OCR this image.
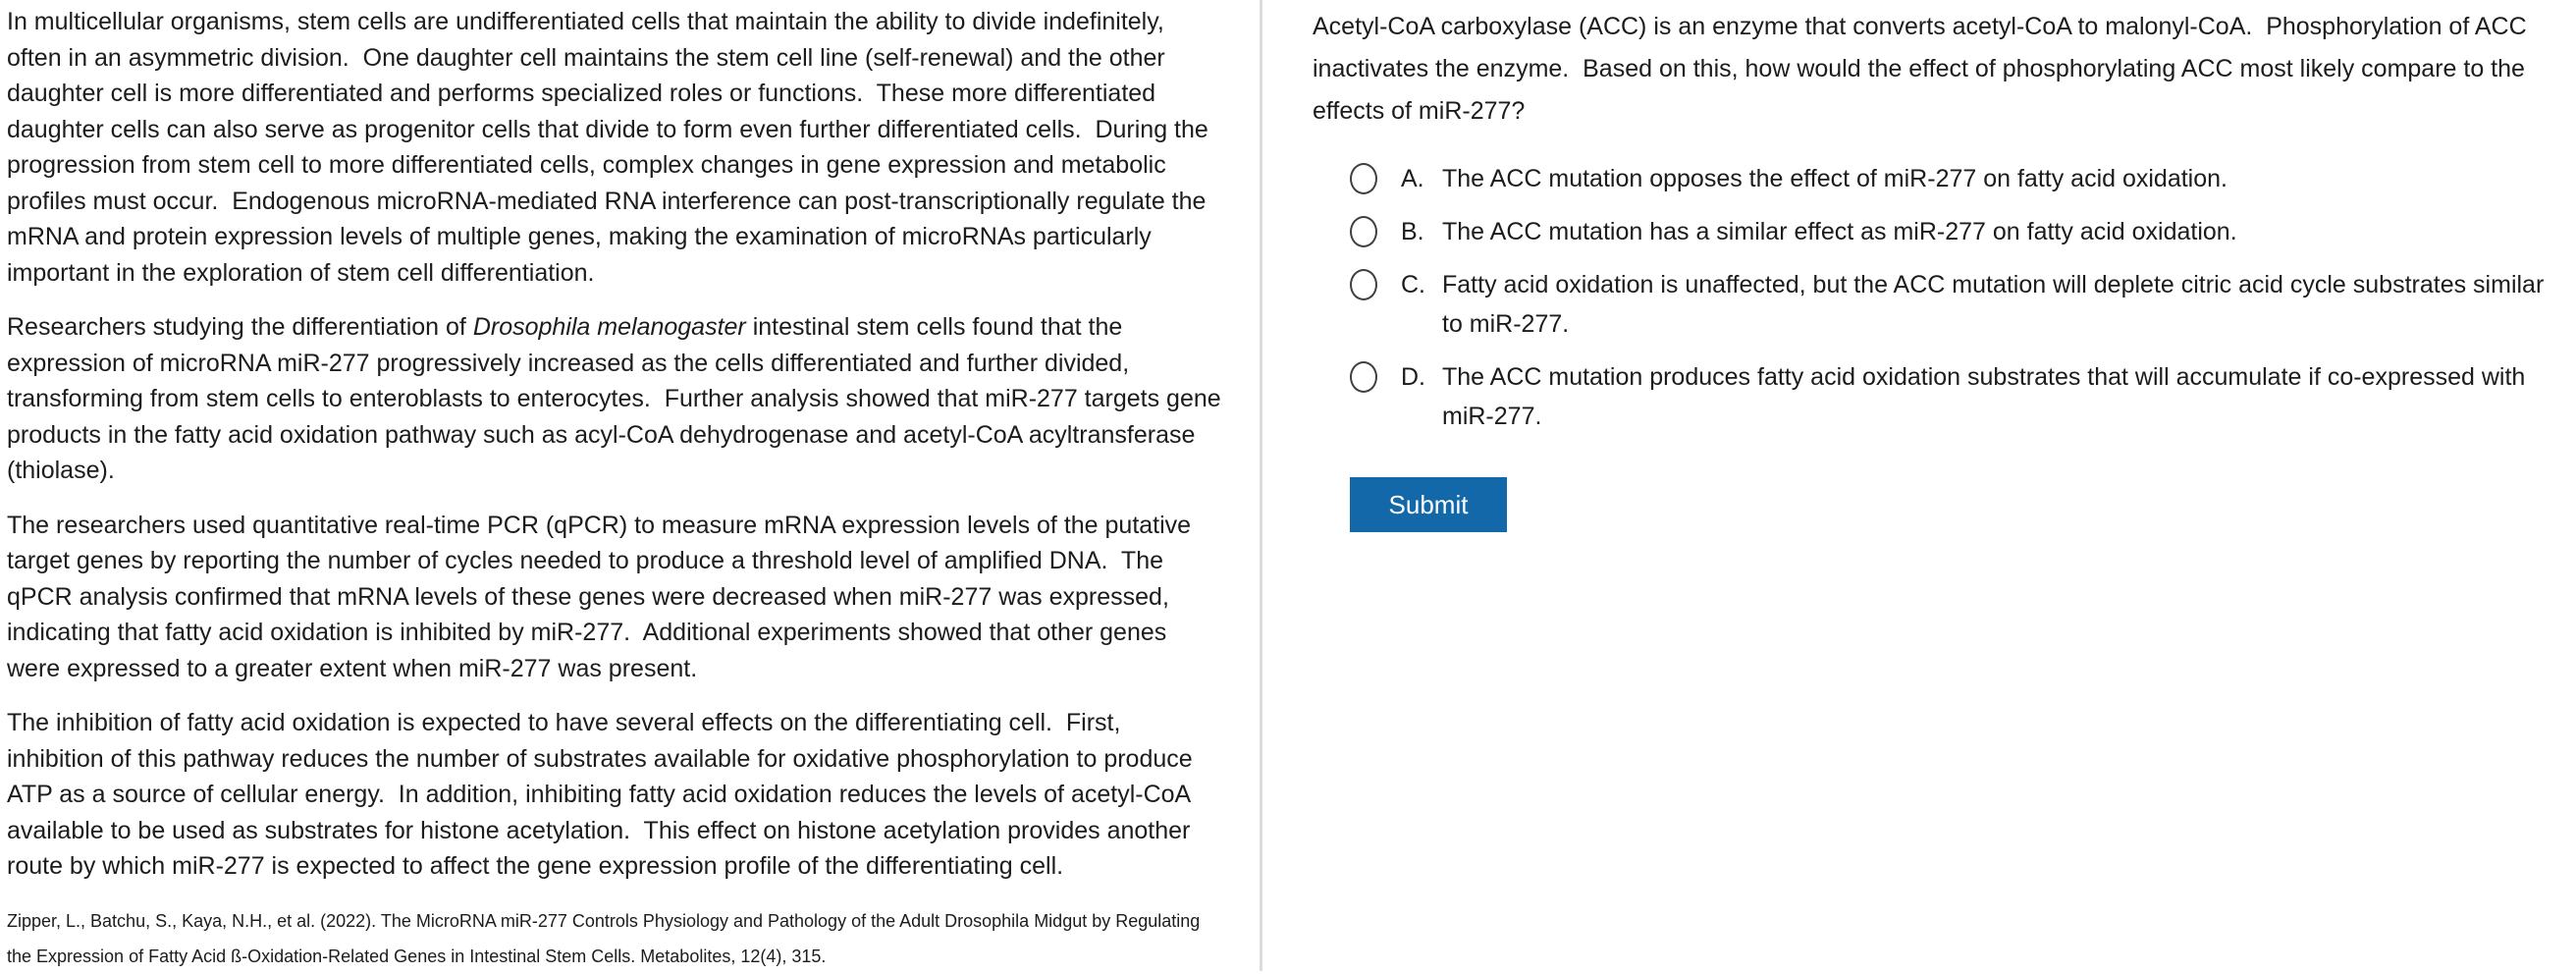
In multicellular organisms, stem cells are undifferentiated cells that maintain the ability to divide indefinitely, often in an asymmetric division.  One daughter cell maintains the stem cell line (self-renewal) and the other daughter cell is more differentiated and performs specialized roles or functions.  These more differentiated daughter cells can also serve as progenitor cells that divide to form even further differentiated cells.  During the progression from stem cell to more differentiated cells, complex changes in gene expression and metabolic profiles must occur.  Endogenous microRNA-mediated RNA interference can post-transcriptionally regulate the mRNA and protein expression levels of multiple genes, making the examination of microRNAs particularly important in the exploration of stem cell differentiation.

Researchers studying the differentiation of Drosophila melanogaster intestinal stem cells found that the expression of microRNA miR-277 progressively increased as the cells differentiated and further divided, transforming from stem cells to enteroblasts to enterocytes.  Further analysis showed that miR-277 targets gene products in the fatty acid oxidation pathway such as acyl-CoA dehydrogenase and acetyl-CoA acyltransferase (thiolase).

The researchers used quantitative real-time PCR (qPCR) to measure mRNA expression levels of the putative target genes by reporting the number of cycles needed to produce a threshold level of amplified DNA.  The qPCR analysis confirmed that mRNA levels of these genes were decreased when miR-277 was expressed, indicating that fatty acid oxidation is inhibited by miR-277.  Additional experiments showed that other genes were expressed to a greater extent when miR-277 was present.

The inhibition of fatty acid oxidation is expected to have several effects on the differentiating cell.  First, inhibition of this pathway reduces the number of substrates available for oxidative phosphorylation to produce ATP as a source of cellular energy.  In addition, inhibiting fatty acid oxidation reduces the levels of acetyl-CoA available to be used as substrates for histone acetylation.  This effect on histone acetylation provides another route by which miR-277 is expected to affect the gene expression profile of the differentiating cell.

Zipper, L., Batchu, S., Kaya, N.H., et al. (2022). The MicroRNA miR-277 Controls Physiology and Pathology of the Adult Drosophila Midgut by Regulating the Expression of Fatty Acid ß-Oxidation-Related Genes in Intestinal Stem Cells. Metabolites, 12(4), 315.
Acetyl-CoA carboxylase (ACC) is an enzyme that converts acetyl-CoA to malonyl-CoA.  Phosphorylation of ACC inactivates the enzyme.  Based on this, how would the effect of phosphorylating ACC most likely compare to the effects of miR-277?
A. The ACC mutation opposes the effect of miR-277 on fatty acid oxidation.
B. The ACC mutation has a similar effect as miR-277 on fatty acid oxidation.
C. Fatty acid oxidation is unaffected, but the ACC mutation will deplete citric acid cycle substrates similar to miR-277.
D. The ACC mutation produces fatty acid oxidation substrates that will accumulate if co-expressed with miR-277.
Submit
